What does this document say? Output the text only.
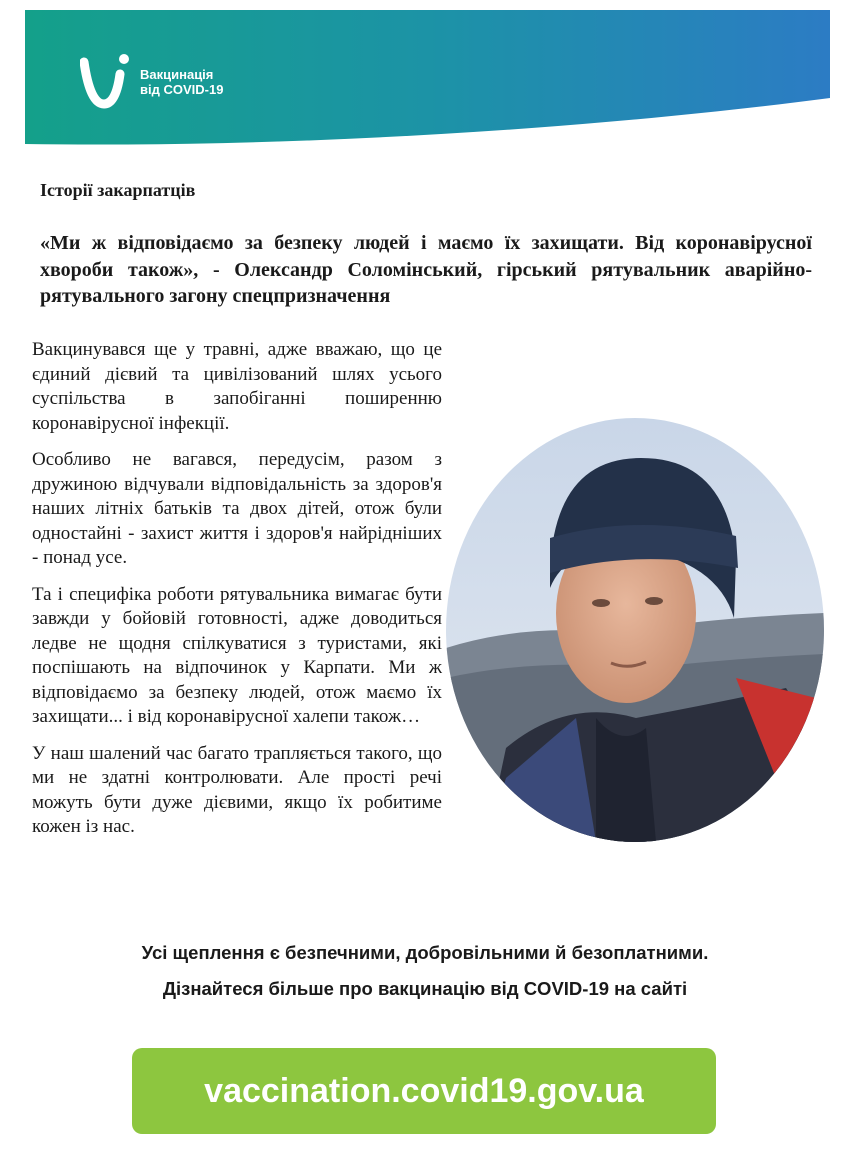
Вакцинація
від COVID-19
Історії закарпатців
«Ми ж відповідаємо за безпеку людей і маємо їх захищати. Від коронавірусної хвороби також», - Олександр Соломінський, гірський рятувальник аварійно-рятувального загону спецпризначення

Вакцинувався ще у травні, адже вважаю, що це єдиний дієвий та цивілізований шлях усього суспільства в запобіганні поширенню коронавірусної інфекції.

Особливо не вагався, передусім, разом з дружиною відчували відповідальність за здоров'я наших літніх батьків та двох дітей, отож були одностайні - захист життя і здоров'я найрідніших - понад усе.

Та і специфіка роботи рятувальника вимагає бути завжди у бойовій готовності, адже доводиться ледве не щодня спілкуватися з туристами, які поспішають на відпочинок у Карпати. Ми ж відповідаємо за безпеку людей, отож маємо їх захищати... і від коронавірусної халепи також…

У наш шалений час багато трапляється такого, що ми не здатні контролювати. Але прості речі можуть бути дуже дієвими, якщо їх робитиме кожен із нас.

Усі щеплення є безпечними, добровільними й безоплатними.
Дізнайтеся більше про вакцинацію від COVID-19 на сайті
vaccination.covid19.gov.ua
